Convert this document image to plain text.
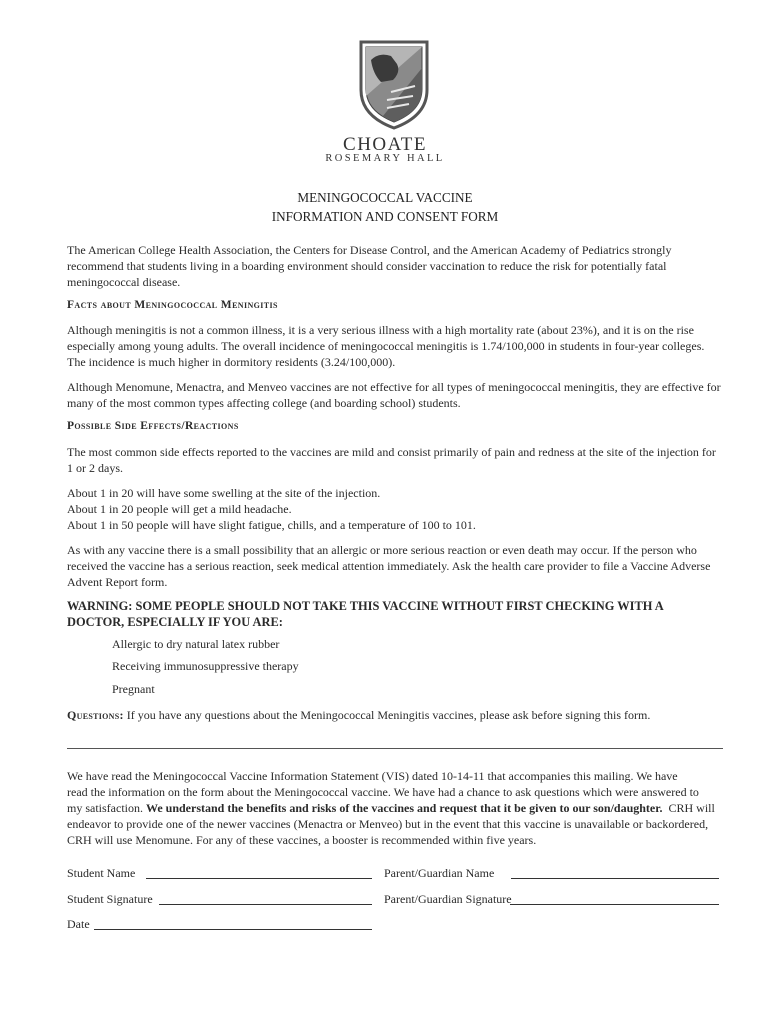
CHOATE
ROSEMARY HALL
MENINGOCOCCAL VACCINE
INFORMATION AND CONSENT FORM
The American College Health Association, the Centers for Disease Control, and the American Academy of Pediatrics strongly
recommend that students living in a boarding environment should consider vaccination to reduce the risk for potentially fatal
meningococcal disease.
Facts about Meningococcal Meningitis
Although meningitis is not a common illness, it is a very serious illness with a high mortality rate (about 23%), and it is on the rise
especially among young adults. The overall incidence of meningococcal meningitis is 1.74/100,000 in students in four-year colleges.
The incidence is much higher in dormitory residents (3.24/100,000).
Although Menomune, Menactra, and Menveo vaccines are not effective for all types of meningococcal meningitis, they are effective for
many of the most common types affecting college (and boarding school) students.
Possible Side Effects/Reactions
The most common side effects reported to the vaccines are mild and consist primarily of pain and redness at the site of the injection for
1 or 2 days.
About 1 in 20 will have some swelling at the site of the injection.
About 1 in 20 people will get a mild headache.
About 1 in 50 people will have slight fatigue, chills, and a temperature of 100 to 101.
As with any vaccine there is a small possibility that an allergic or more serious reaction or even death may occur. If the person who
received the vaccine has a serious reaction, seek medical attention immediately. Ask the health care provider to file a Vaccine Adverse
Advent Report form.
WARNING: SOME PEOPLE SHOULD NOT TAKE THIS VACCINE WITHOUT FIRST CHECKING WITH A
DOCTOR, ESPECIALLY IF YOU ARE:
Allergic to dry natural latex rubber
Receiving immunosuppressive therapy
Pregnant
Questions: If you have any questions about the Meningococcal Meningitis vaccines, please ask before signing this form.
We have read the Meningococcal Vaccine Information Statement (VIS) dated 10-14-11 that accompanies this mailing. We have
read the information on the form about the Meningococcal vaccine. We have had a chance to ask questions which were answered to
my satisfaction. We understand the benefits and risks of the vaccines and request that it be given to our son/daughter.  CRH will
endeavor to provide one of the newer vaccines (Menactra or Menveo) but in the event that this vaccine is unavailable or backordered,
CRH will use Menomune. For any of these vaccines, a booster is recommended within five years.
Student Name	Parent/Guardian Name
Student Signature	Parent/Guardian Signature
Date
